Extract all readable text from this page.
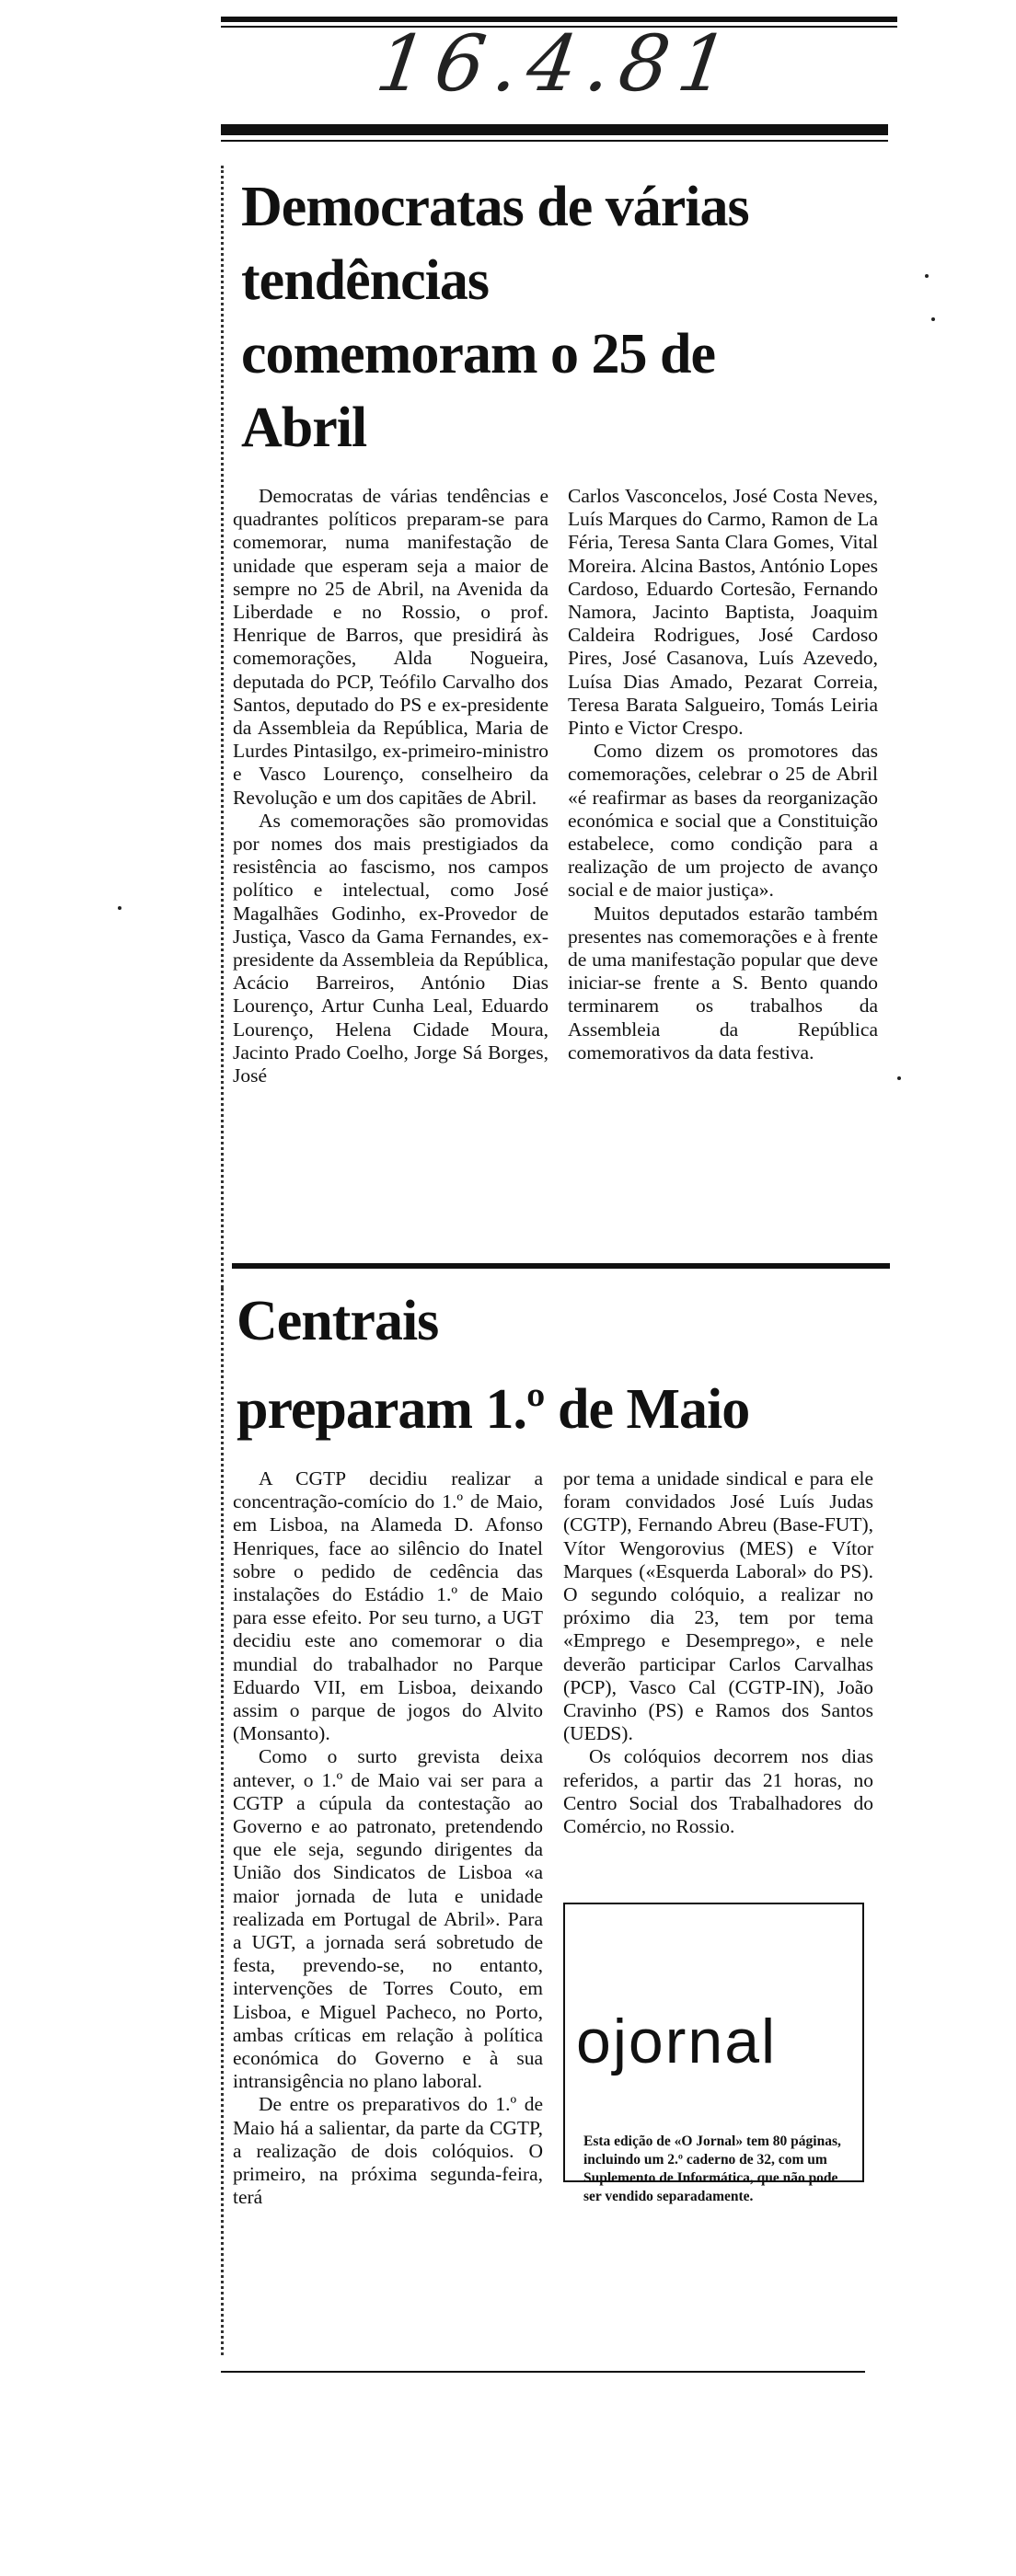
16.4.81
Democratas de várias tendências comemoram o 25 de Abril

Democratas de várias tendências e quadrantes políticos preparam-se para comemorar, numa manifestação de unidade que esperam seja a maior de sempre no 25 de Abril, na Avenida da Liberdade e no Rossio, o prof. Henrique de Barros, que presidirá às comemorações, Alda Nogueira, deputada do PCP, Teófilo Carvalho dos Santos, deputado do PS e ex-presidente da Assembleia da República, Maria de Lurdes Pintasilgo, ex-primeiro-ministro e Vasco Lourenço, conselheiro da Revolução e um dos capitães de Abril.

As comemorações são promovidas por nomes dos mais prestigiados da resistência ao fascismo, nos campos político e intelectual, como José Magalhães Godinho, ex-Provedor de Justiça, Vasco da Gama Fernandes, ex-presidente da Assembleia da República, Acácio Barreiros, António Dias Lourenço, Artur Cunha Leal, Eduardo Lourenço, Helena Cidade Moura, Jacinto Prado Coelho, Jorge Sá Borges, José

Carlos Vasconcelos, José Costa Neves, Luís Marques do Carmo, Ramon de La Féria, Teresa Santa Clara Gomes, Vital Moreira. Alcina Bastos, António Lopes Cardoso, Eduardo Cortesão, Fernando Namora, Jacinto Baptista, Joaquim Caldeira Rodrigues, José Cardoso Pires, José Casanova, Luís Azevedo, Luísa Dias Amado, Pezarat Correia, Teresa Barata Salgueiro, Tomás Leiria Pinto e Victor Crespo.

Como dizem os promotores das comemorações, celebrar o 25 de Abril «é reafirmar as bases da reorganização económica e social que a Constituição estabelece, como condição para a realização de um projecto de avanço social e de maior justiça».

Muitos deputados estarão também presentes nas comemorações e à frente de uma manifestação popular que deve iniciar-se frente a S. Bento quando terminarem os trabalhos da Assembleia da República comemorativos da data festiva.

Centrais
preparam 1.º de Maio

A CGTP decidiu realizar a concentração-comício do 1.º de Maio, em Lisboa, na Alameda D. Afonso Henriques, face ao silêncio do Inatel sobre o pedido de cedência das instalações do Estádio 1.º de Maio para esse efeito. Por seu turno, a UGT decidiu este ano comemorar o dia mundial do trabalhador no Parque Eduardo VII, em Lisboa, deixando assim o parque de jogos do Alvito (Monsanto).

Como o surto grevista deixa antever, o 1.º de Maio vai ser para a CGTP a cúpula da contestação ao Governo e ao patronato, pretendendo que ele seja, segundo dirigentes da União dos Sindicatos de Lisboa «a maior jornada de luta e unidade realizada em Portugal de Abril». Para a UGT, a jornada será sobretudo de festa, prevendo-se, no entanto, intervenções de Torres Couto, em Lisboa, e Miguel Pacheco, no Porto, ambas críticas em relação à política económica do Governo e à sua intransigência no plano laboral.

De entre os preparativos do 1.º de Maio há a salientar, da parte da CGTP, a realização de dois colóquios. O primeiro, na próxima segunda-feira, terá

por tema a unidade sindical e para ele foram convidados José Luís Judas (CGTP), Fernando Abreu (Base-FUT), Vítor Wengorovius (MES) e Vítor Marques («Esquerda Laboral» do PS). O segundo colóquio, a realizar no próximo dia 23, tem por tema «Emprego e Desemprego», e nele deverão participar Carlos Carvalhas (PCP), Vasco Cal (CGTP-IN), João Cravinho (PS) e Ramos dos Santos (UEDS).

Os colóquios decorrem nos dias referidos, a partir das 21 horas, no Centro Social dos Trabalhadores do Comércio, no Rossio.

ojornal
Esta edição de «O Jornal» tem 80 páginas, incluindo um 2.º caderno de 32, com um Suplemento de Informática, que não pode ser vendido separadamente.
